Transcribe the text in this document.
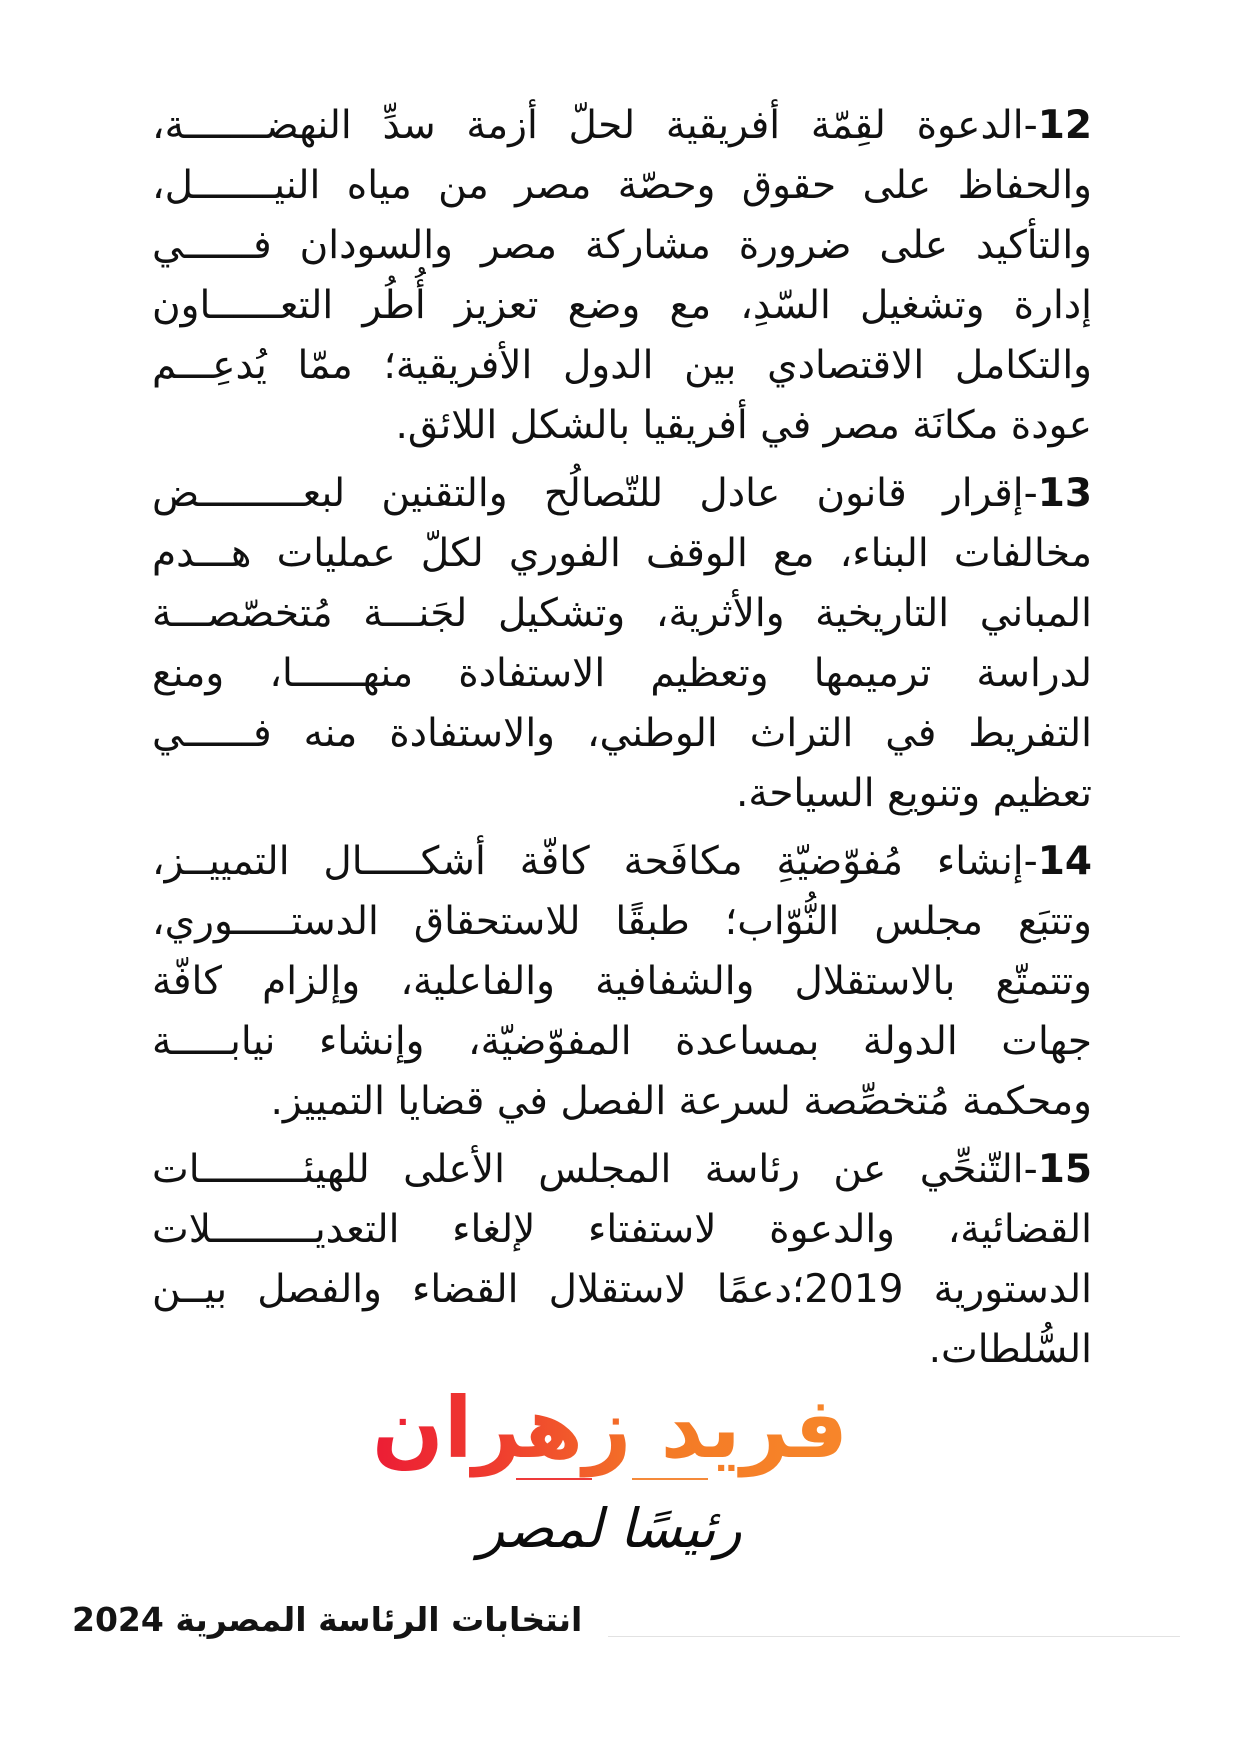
12-الدعوة لقِمّة أفريقية لحلّ أزمة سدِّ النهضـــــــة،
والحفاظ على حقوق وحصّة مصر من مياه النيـــــــل،
والتأكيد على ضرورة مشاركة مصر والسودان فــــــي
إدارة وتشغيل السّدِ، مع وضع تعزيز أُطُر التعــــــاون
والتكامل الاقتصادي بين الدول الأفريقية؛ ممّا يُدعِـــم
عودة مكانَة مصر في أفريقيا بالشكل اللائق.
13-إقرار قانون عادل للتّصالُح والتقنين لبعـــــــــض
مخالفات البناء، مع الوقف الفوري لكلّ عمليات هـــدم
المباني التاريخية والأثرية، وتشكيل لجَنـــة مُتخصّصـــة
لدراسة ترميمها وتعظيم الاستفادة منهــــــا، ومنع
التفريط في التراث الوطني، والاستفادة منه فــــــي
تعظيم وتنويع السياحة.
14-إنشاء مُفوّضيّةِ مكافَحة كافّة أشكـــــال التمييــز،
وتتبَع مجلس النُّوّاب؛ طبقًا للاستحقاق الدستـــــوري،
وتتمتّع بالاستقلال والشفافية والفاعلية، وإلزام كافّة
جهات الدولة بمساعدة المفوّضيّة، وإنشاء نيابـــــة
ومحكمة مُتخصِّصة لسرعة الفصل في قضايا التمييز.
15-التّنحِّي عن رئاسة المجلس الأعلى للهيئـــــــــات
القضائية، والدعوة لاستفتاء لإلغاء التعديـــــــــلات
الدستورية 2019؛دعمًا لاستقلال القضاء والفصل بيــن
السُّلطات.
فريد زهران
رئيسًا لمصر
انتخابات الرئاسة المصرية 2024
